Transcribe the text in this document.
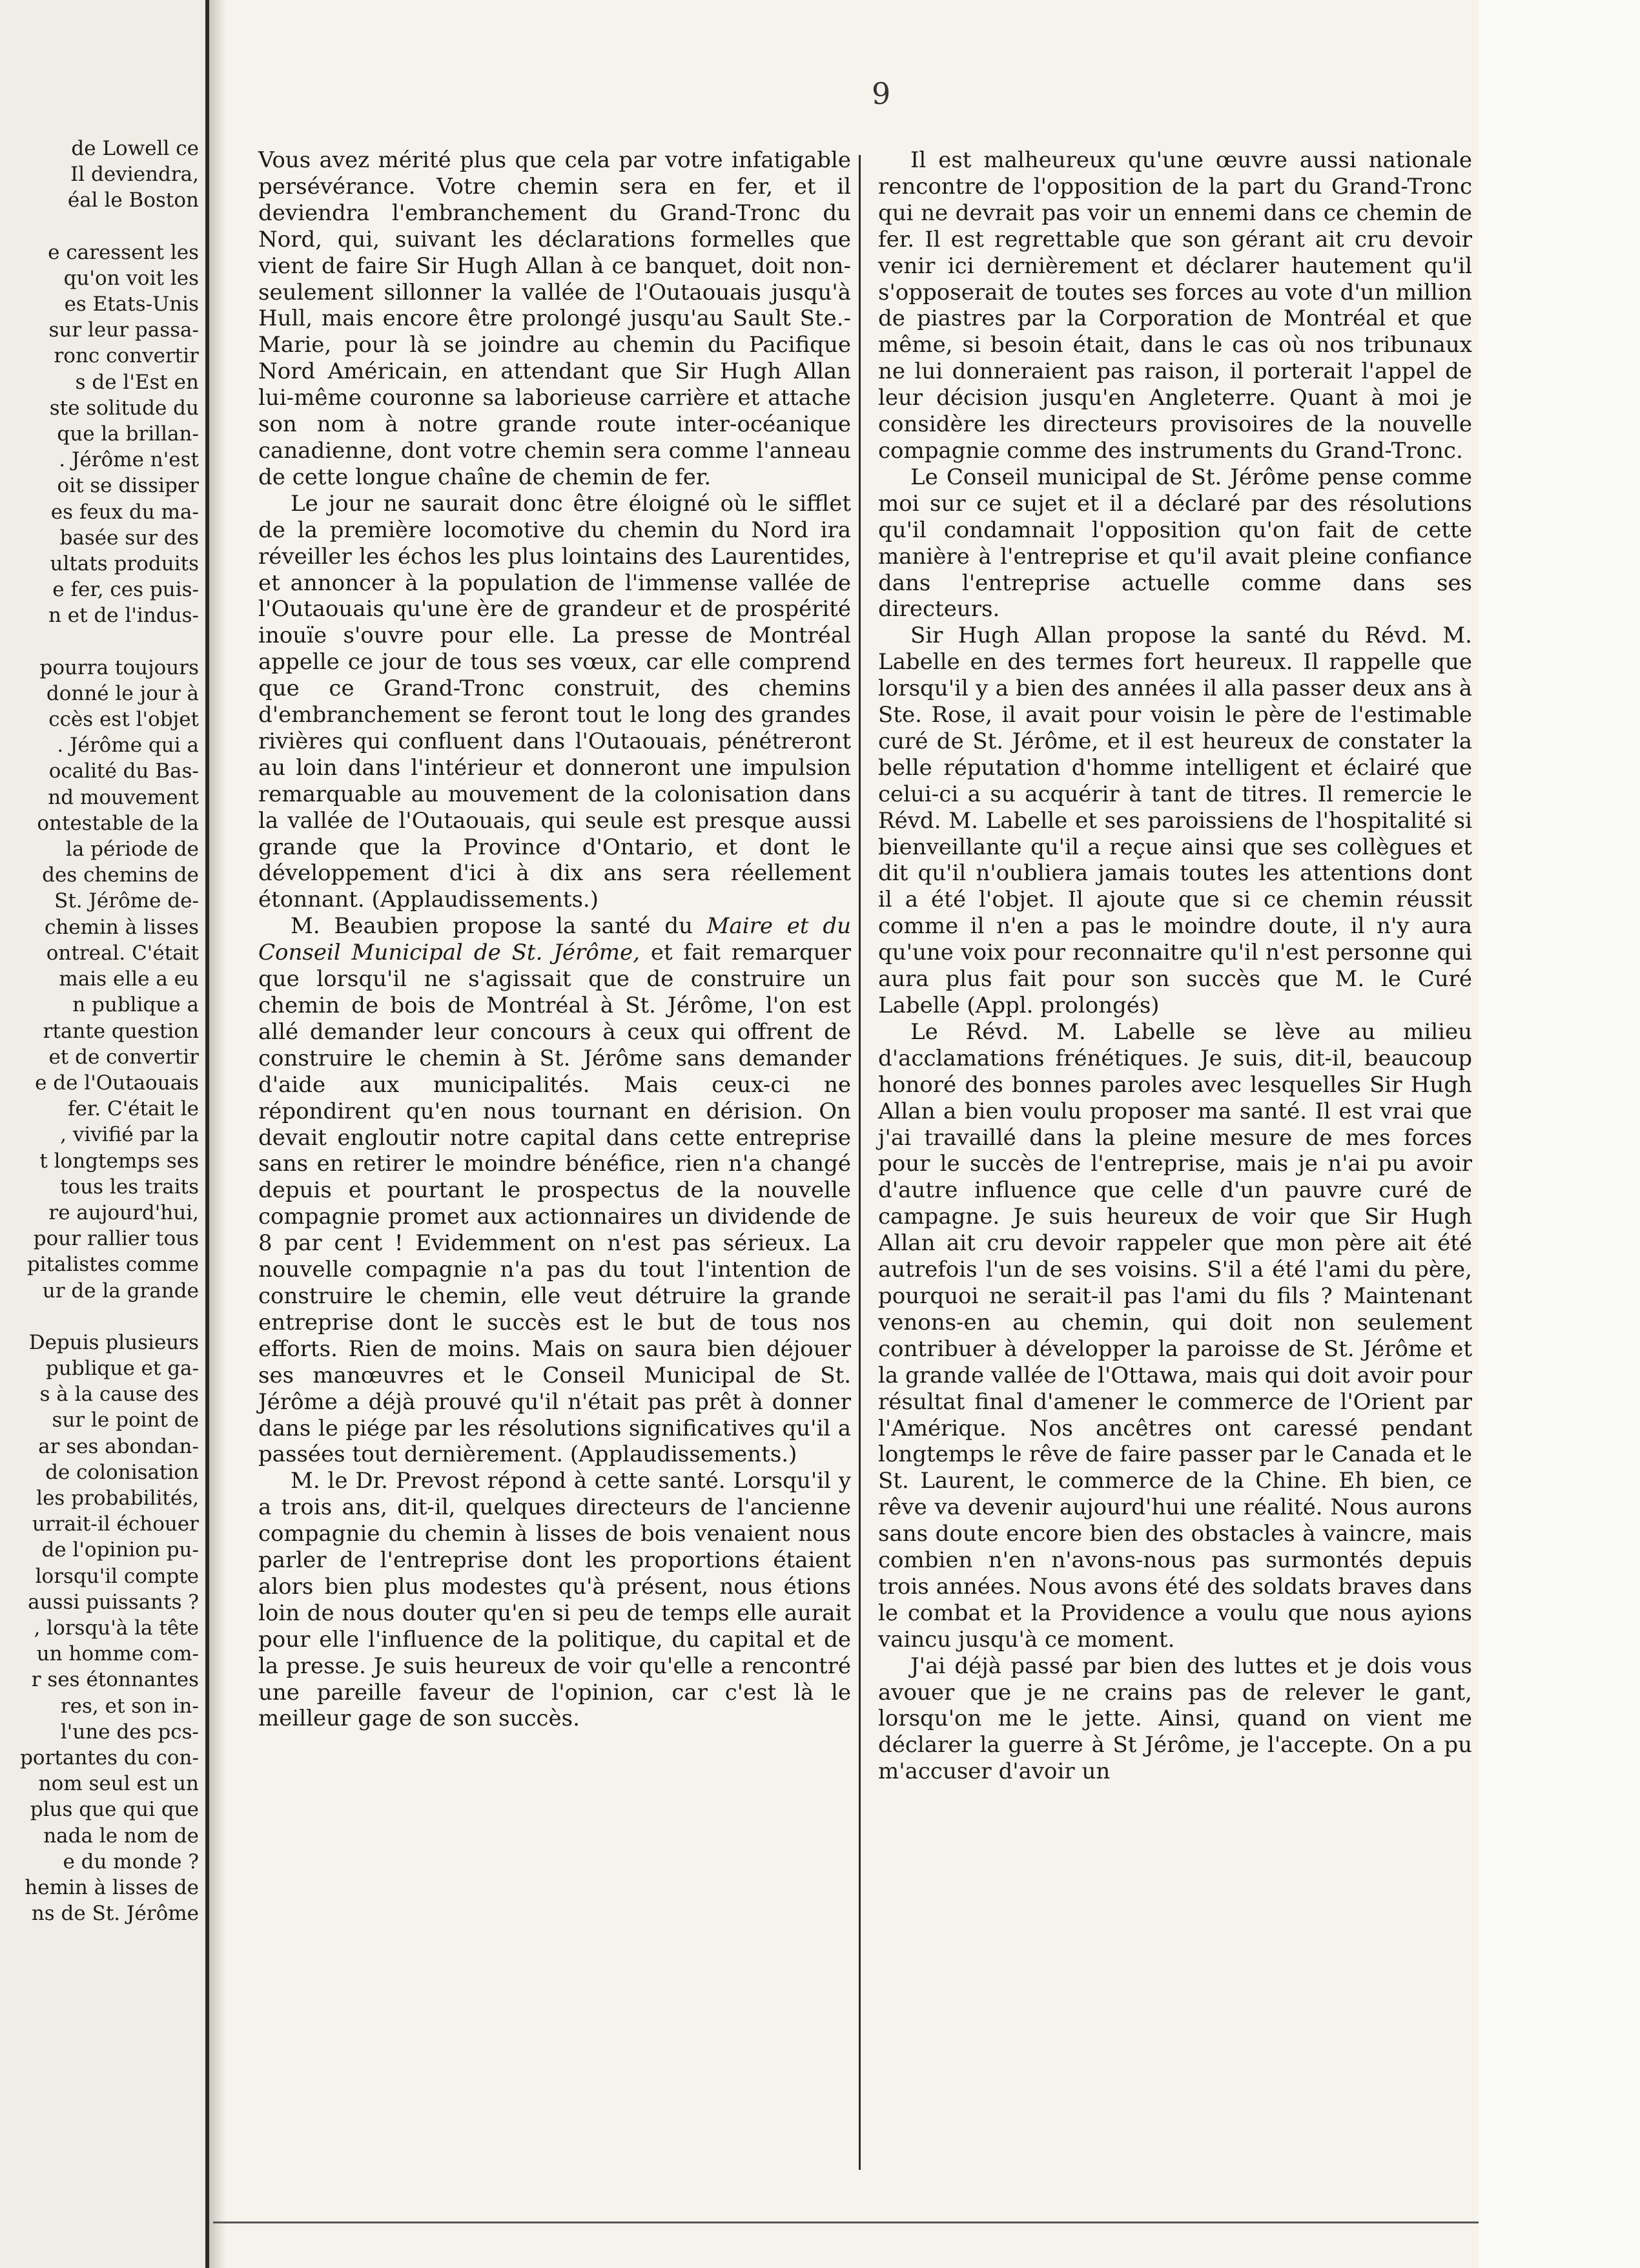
de Lowell ce
Il deviendra,
éal le Boston
e caressent les
qu'on voit les
es Etats-Unis
sur leur passa-
ronc convertir
s de l'Est en
ste solitude du
que la brillan-
. Jérôme n'est
oit se dissiper
es feux du ma-
basée sur des
ultats produits
e fer, ces puis-
n et de l'indus-
pourra toujours
donné le jour à
ccès est l'objet
. Jérôme qui a
ocalité du Bas-
nd mouvement
ontestable de la
la période de
des chemins de
St. Jérôme de-
chemin à lisses
ontreal. C'était
mais elle a eu
n publique a
rtante question
et de convertir
e de l'Outaouais
fer. C'était le
, vivifié par la
t longtemps ses
tous les traits
re aujourd'hui,
pour rallier tous
pitalistes comme
ur de la grande
Depuis plusieurs
publique et ga-
s à la cause des
sur le point de
ar ses abondan-
de colonisation
les probabilités,
urrait-il échouer
de l'opinion pu-
lorsqu'il compte
aussi puissants ?
, lorsqu'à la tête
un homme com-
r ses étonnantes
res, et son in-
l'une des pcs-
portantes du con-
nom seul est un
plus que qui que
nada le nom de
e du monde ?
hemin à lisses de
ns de St. Jérôme
9

Vous avez mérité plus que cela par votre infatigable persévérance. Votre chemin sera en fer, et il deviendra l'embranchement du Grand-Tronc du Nord, qui, suivant les déclarations formelles que vient de faire Sir Hugh Allan à ce banquet, doit non-seulement sillonner la vallée de l'Outaouais jusqu'à Hull, mais encore être prolongé jusqu'au Sault Ste.-Marie, pour là se joindre au chemin du Pacifique Nord Américain, en attendant que Sir Hugh Allan lui-même couronne sa laborieuse carrière et attache son nom à notre grande route inter-océanique canadienne, dont votre chemin sera comme l'anneau de cette longue chaîne de chemin de fer.

Le jour ne saurait donc être éloigné où le sifflet de la première locomotive du chemin du Nord ira réveiller les échos les plus lointains des Laurentides, et annoncer à la population de l'immense vallée de l'Outaouais qu'une ère de grandeur et de prospérité inouïe s'ouvre pour elle. La presse de Montréal appelle ce jour de tous ses vœux, car elle comprend que ce Grand-Tronc construit, des chemins d'embranchement se feront tout le long des grandes rivières qui confluent dans l'Outaouais, pénétreront au loin dans l'intérieur et donneront une impulsion remarquable au mouvement de la colonisation dans la vallée de l'Outaouais, qui seule est presque aussi grande que la Province d'Ontario, et dont le développement d'ici à dix ans sera réellement étonnant. (Applaudissements.)

M. Beaubien propose la santé du Maire et du Conseil Municipal de St. Jérôme, et fait remarquer que lorsqu'il ne s'agissait que de construire un chemin de bois de Montréal à St. Jérôme, l'on est allé demander leur concours à ceux qui offrent de construire le chemin à St. Jérôme sans demander d'aide aux municipalités. Mais ceux-ci ne répondirent qu'en nous tournant en dérision. On devait engloutir notre capital dans cette entreprise sans en retirer le moindre bénéfice, rien n'a changé depuis et pourtant le prospectus de la nouvelle compagnie promet aux actionnaires un dividende de 8 par cent ! Evidemment on n'est pas sérieux. La nouvelle compagnie n'a pas du tout l'intention de construire le chemin, elle veut détruire la grande entreprise dont le succès est le but de tous nos efforts. Rien de moins. Mais on saura bien déjouer ses manœuvres et le Conseil Municipal de St. Jérôme a déjà prouvé qu'il n'était pas prêt à donner dans le piége par les résolutions significatives qu'il a passées tout dernièrement. (Applaudissements.)

M. le Dr. Prevost répond à cette santé. Lorsqu'il y a trois ans, dit-il, quelques directeurs de l'ancienne compagnie du chemin à lisses de bois venaient nous parler de l'entreprise dont les proportions étaient alors bien plus modestes qu'à présent, nous étions loin de nous douter qu'en si peu de temps elle aurait pour elle l'influence de la politique, du capital et de la presse. Je suis heureux de voir qu'elle a rencontré une pareille faveur de l'opinion, car c'est là le meilleur gage de son succès.

Il est malheureux qu'une œuvre aussi nationale rencontre de l'opposition de la part du Grand-Tronc qui ne devrait pas voir un ennemi dans ce chemin de fer. Il est regrettable que son gérant ait cru devoir venir ici dernièrement et déclarer hautement qu'il s'opposerait de toutes ses forces au vote d'un million de piastres par la Corporation de Montréal et que même, si besoin était, dans le cas où nos tribunaux ne lui donneraient pas raison, il porterait l'appel de leur décision jusqu'en Angleterre. Quant à moi je considère les directeurs provisoires de la nouvelle compagnie comme des instruments du Grand-Tronc.

Le Conseil municipal de St. Jérôme pense comme moi sur ce sujet et il a déclaré par des résolutions qu'il condamnait l'opposition qu'on fait de cette manière à l'entreprise et qu'il avait pleine confiance dans l'entreprise actuelle comme dans ses directeurs.

Sir Hugh Allan propose la santé du Révd. M. Labelle en des termes fort heureux. Il rappelle que lorsqu'il y a bien des années il alla passer deux ans à Ste. Rose, il avait pour voisin le père de l'estimable curé de St. Jérôme, et il est heureux de constater la belle réputation d'homme intelligent et éclairé que celui-ci a su acquérir à tant de titres. Il remercie le Révd. M. Labelle et ses paroissiens de l'hospitalité si bienveillante qu'il a reçue ainsi que ses collègues et dit qu'il n'oubliera jamais toutes les attentions dont il a été l'objet. Il ajoute que si ce chemin réussit comme il n'en a pas le moindre doute, il n'y aura qu'une voix pour reconnaitre qu'il n'est personne qui aura plus fait pour son succès que M. le Curé Labelle (Appl. prolongés)

Le Révd. M. Labelle se lève au milieu d'acclamations frénétiques. Je suis, dit-il, beaucoup honoré des bonnes paroles avec lesquelles Sir Hugh Allan a bien voulu proposer ma santé. Il est vrai que j'ai travaillé dans la pleine mesure de mes forces pour le succès de l'entreprise, mais je n'ai pu avoir d'autre influence que celle d'un pauvre curé de campagne. Je suis heureux de voir que Sir Hugh Allan ait cru devoir rappeler que mon père ait été autrefois l'un de ses voisins. S'il a été l'ami du père, pourquoi ne serait-il pas l'ami du fils ? Maintenant venons-en au chemin, qui doit non seulement contribuer à développer la paroisse de St. Jérôme et la grande vallée de l'Ottawa, mais qui doit avoir pour résultat final d'amener le commerce de l'Orient par l'Amérique. Nos ancêtres ont caressé pendant longtemps le rêve de faire passer par le Canada et le St. Laurent, le commerce de la Chine. Eh bien, ce rêve va devenir aujourd'hui une réalité. Nous aurons sans doute encore bien des obstacles à vaincre, mais combien n'en n'avons-nous pas surmontés depuis trois années. Nous avons été des soldats braves dans le combat et la Providence a voulu que nous ayions vaincu jusqu'à ce moment.

J'ai déjà passé par bien des luttes et je dois vous avouer que je ne crains pas de relever le gant, lorsqu'on me le jette. Ainsi, quand on vient me déclarer la guerre à St Jérôme, je l'accepte. On a pu m'accuser d'avoir un
